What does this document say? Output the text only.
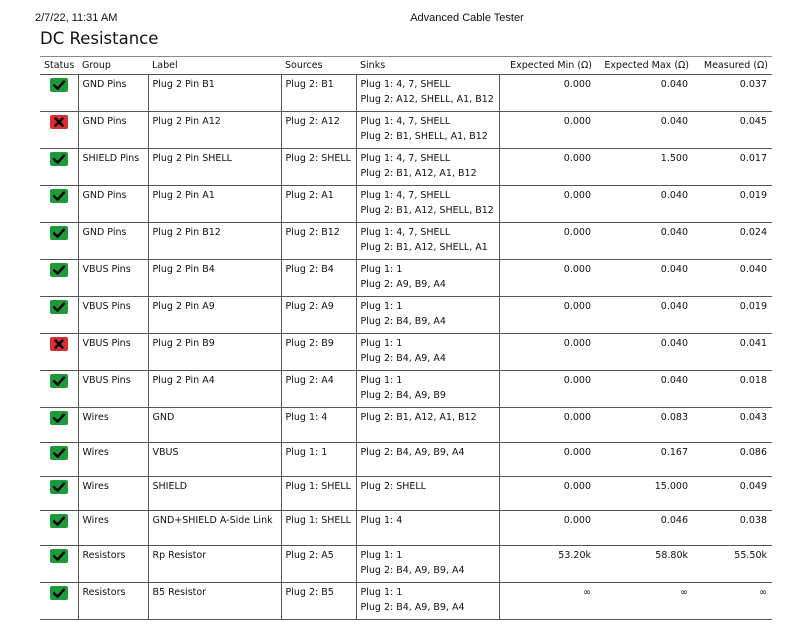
2/7/22, 11:31 AM	Advanced Cable Tester
DC Resistance
Status	Group	Label	Sources	Sinks	Expected Min (Ω)	Expected Max (Ω)	Measured (Ω)

	GND Pins	Plug 2 Pin B1	Plug 2: B1	Plug 1: 4, 7, SHELL
Plug 2: A12, SHELL, A1, B12	0.000	0.040	0.037

	GND Pins	Plug 2 Pin A12	Plug 2: A12	Plug 1: 4, 7, SHELL
Plug 2: B1, SHELL, A1, B12	0.000	0.040	0.045

	SHIELD Pins	Plug 2 Pin SHELL	Plug 2: SHELL	Plug 1: 4, 7, SHELL
Plug 2: B1, A12, A1, B12	0.000	1.500	0.017

	GND Pins	Plug 2 Pin A1	Plug 2: A1	Plug 1: 4, 7, SHELL
Plug 2: B1, A12, SHELL, B12	0.000	0.040	0.019

	GND Pins	Plug 2 Pin B12	Plug 2: B12	Plug 1: 4, 7, SHELL
Plug 2: B1, A12, SHELL, A1	0.000	0.040	0.024

	VBUS Pins	Plug 2 Pin B4	Plug 2: B4	Plug 1: 1
Plug 2: A9, B9, A4	0.000	0.040	0.040

	VBUS Pins	Plug 2 Pin A9	Plug 2: A9	Plug 1: 1
Plug 2: B4, B9, A4	0.000	0.040	0.019

	VBUS Pins	Plug 2 Pin B9	Plug 2: B9	Plug 1: 1
Plug 2: B4, A9, A4	0.000	0.040	0.041

	VBUS Pins	Plug 2 Pin A4	Plug 2: A4	Plug 1: 1
Plug 2: B4, A9, B9	0.000	0.040	0.018

	Wires	GND	Plug 1: 4	Plug 2: B1, A12, A1, B12	0.000	0.083	0.043

	Wires	VBUS	Plug 1: 1	Plug 2: B4, A9, B9, A4	0.000	0.167	0.086

	Wires	SHIELD	Plug 1: SHELL	Plug 2: SHELL	0.000	15.000	0.049

	Wires	GND+SHIELD A-Side Link	Plug 1: SHELL	Plug 1: 4	0.000	0.046	0.038

	Resistors	Rp Resistor	Plug 2: A5	Plug 1: 1
Plug 2: B4, A9, B9, A4	53.20k	58.80k	55.50k

	Resistors	B5 Resistor	Plug 2: B5	Plug 1: 1
Plug 2: B4, A9, B9, A4	∞	∞	∞
